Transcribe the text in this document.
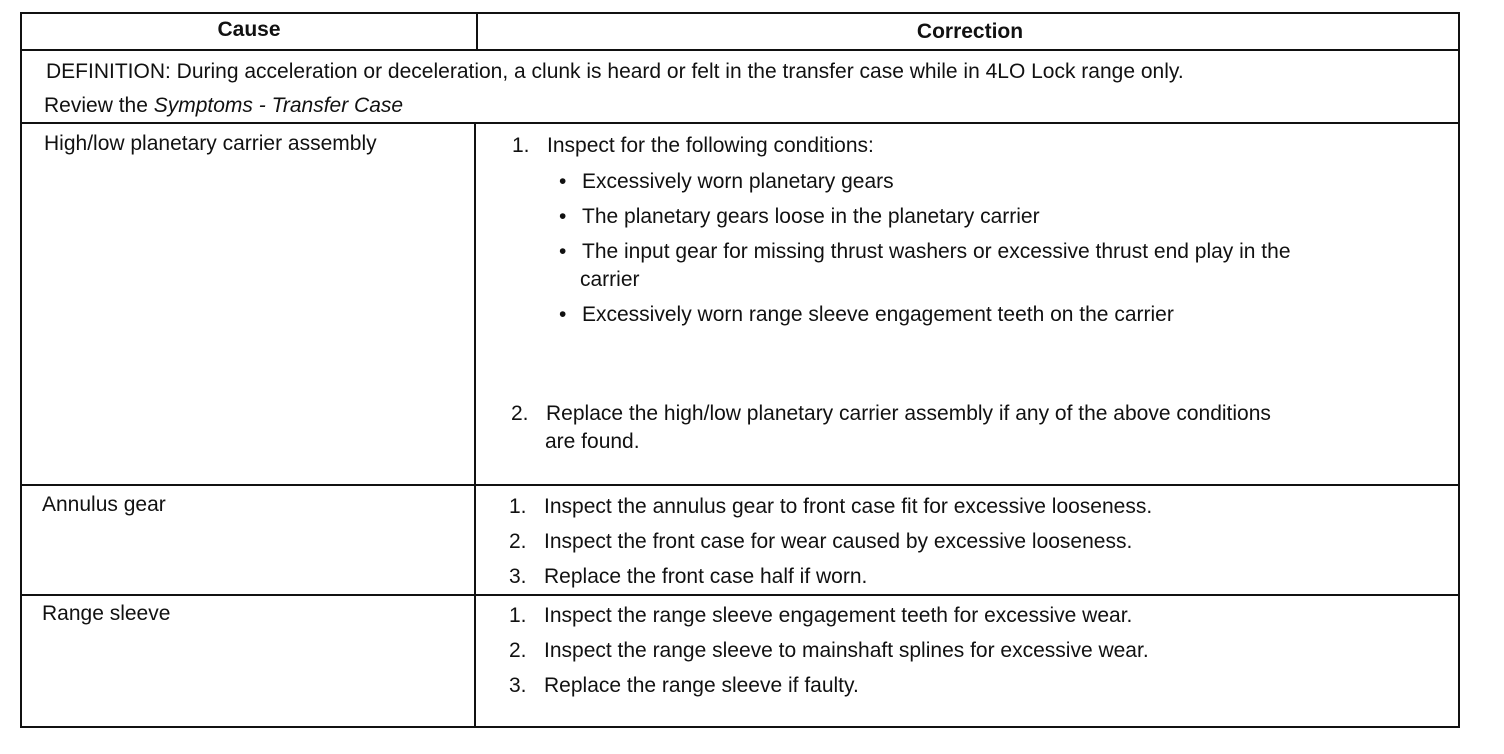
Cause	Correction
DEFINITION: During acceleration or deceleration, a clunk is heard or felt in the transfer case while in 4LO Lock range only.
Review the Symptoms - Transfer Case
High/low planetary carrier assembly	1. Inspect for the following conditions:
• Excessively worn planetary gears
• The planetary gears loose in the planetary carrier
• The input gear for missing thrust washers or excessive thrust end play in the
carrier
• Excessively worn range sleeve engagement teeth on the carrier
2. Replace the high/low planetary carrier assembly if any of the above conditions
are found.
Annulus gear	1. Inspect the annulus gear to front case fit for excessive looseness.
2. Inspect the front case for wear caused by excessive looseness.
3. Replace the front case half if worn.
Range sleeve	1. Inspect the range sleeve engagement teeth for excessive wear.
2. Inspect the range sleeve to mainshaft splines for excessive wear.
3. Replace the range sleeve if faulty.
